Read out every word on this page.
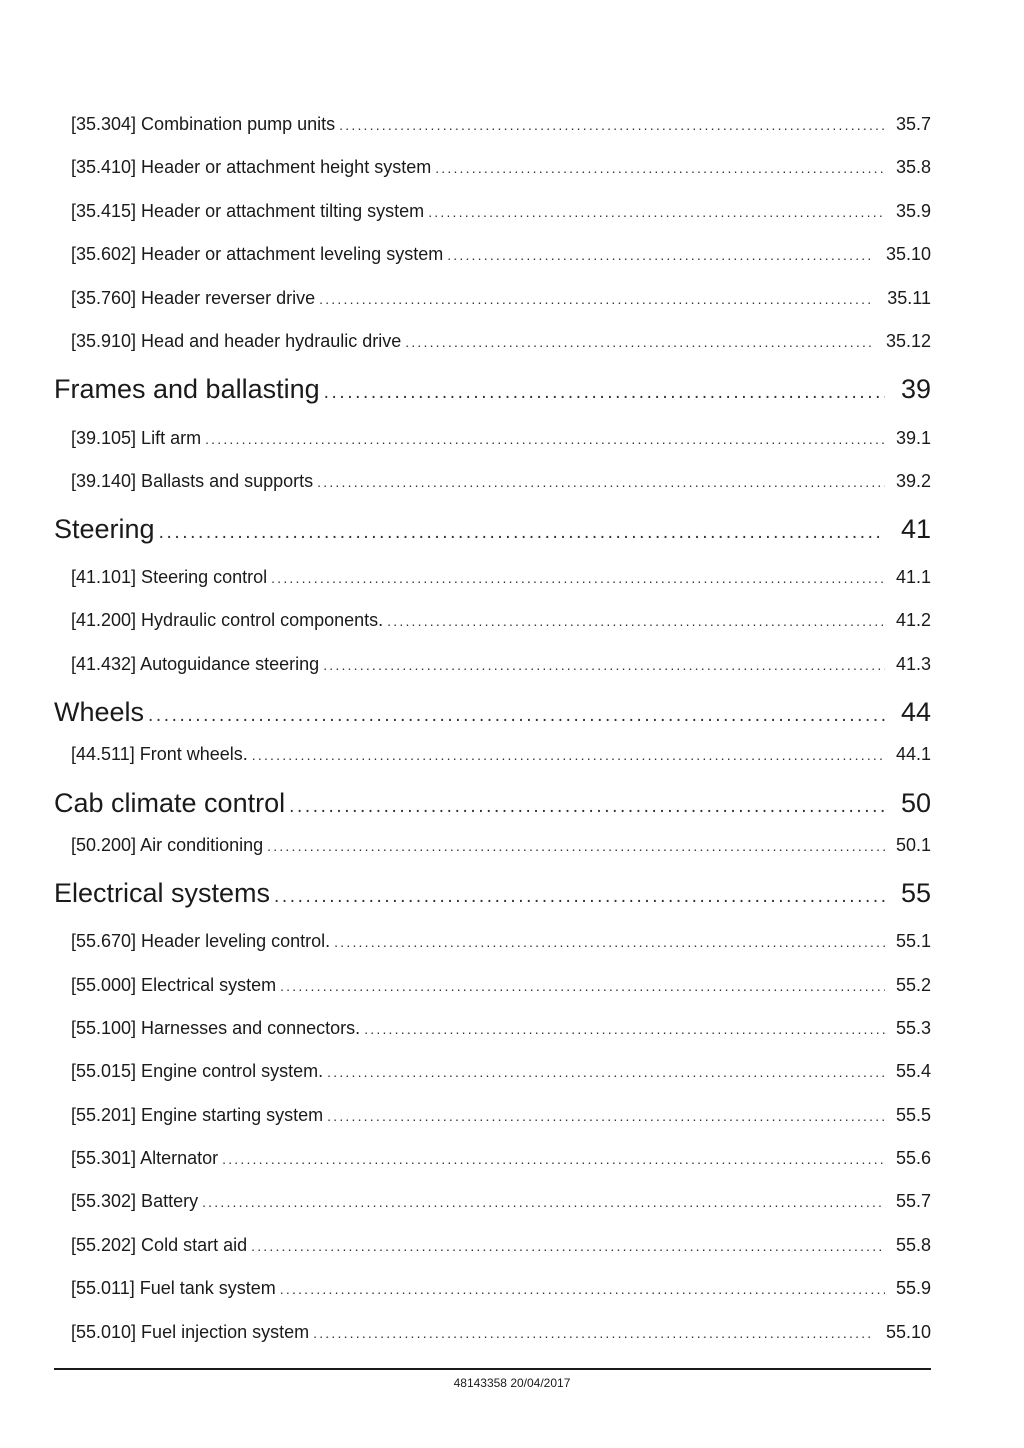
[35.304] Combination pump units .....	35.7
[35.410] Header or attachment height system .....	35.8
[35.415] Header or attachment tilting system .....	35.9
[35.602] Header or attachment leveling system .....	35.10
[35.760] Header reverser drive .....	35.11
[35.910] Head and header hydraulic drive .....	35.12
Frames and ballasting .....	39
[39.105] Lift arm .....	39.1
[39.140] Ballasts and supports .....	39.2
Steering .....	41
[41.101] Steering control .....	41.1
[41.200] Hydraulic control components. .....	41.2
[41.432] Autoguidance steering .....	41.3
Wheels .....	44
[44.511] Front wheels. .....	44.1
Cab climate control .....	50
[50.200] Air conditioning .....	50.1
Electrical systems .....	55
[55.670] Header leveling control. .....	55.1
[55.000] Electrical system .....	55.2
[55.100] Harnesses and connectors. .....	55.3
[55.015] Engine control system. .....	55.4
[55.201] Engine starting system .....	55.5
[55.301] Alternator .....	55.6
[55.302] Battery .....	55.7
[55.202] Cold start aid .....	55.8
[55.011] Fuel tank system .....	55.9
[55.010] Fuel injection system .....	55.10
48143358 20/04/2017
